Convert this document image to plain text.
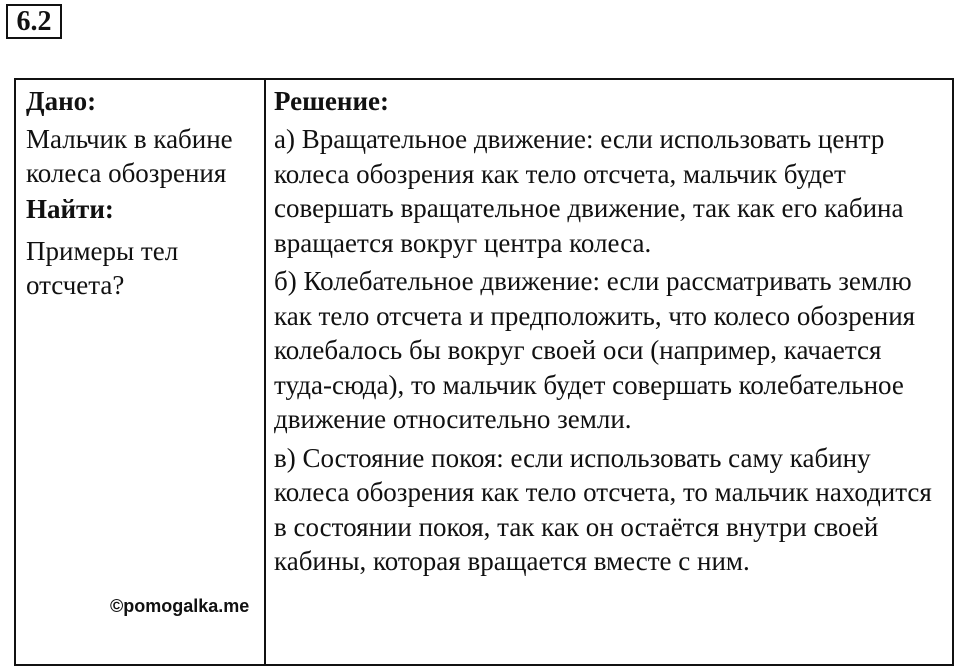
6.2
Дано:
Мальчик в кабине колеса обозрения
Найти:
Примеры тел отсчета?
©pomogalka.me
Решение:

а) Вращательное движение: если использовать центр колеса обозрения как тело отсчета, мальчик будет совершать вращательное движение, так как его кабина вращается вокруг центра колеса.

б) Колебательное движение: если рассматривать землю как тело отсчета и предположить, что колесо обозрения колебалось бы вокруг своей оси (например, качается туда-сюда), то мальчик будет совершать колебательное движение относительно земли.

в) Состояние покоя: если использовать саму кабину колеса обозрения как тело отсчета, то мальчик находится в состоянии покоя, так как он остаётся внутри своей кабины, которая вращается вместе с ним.
